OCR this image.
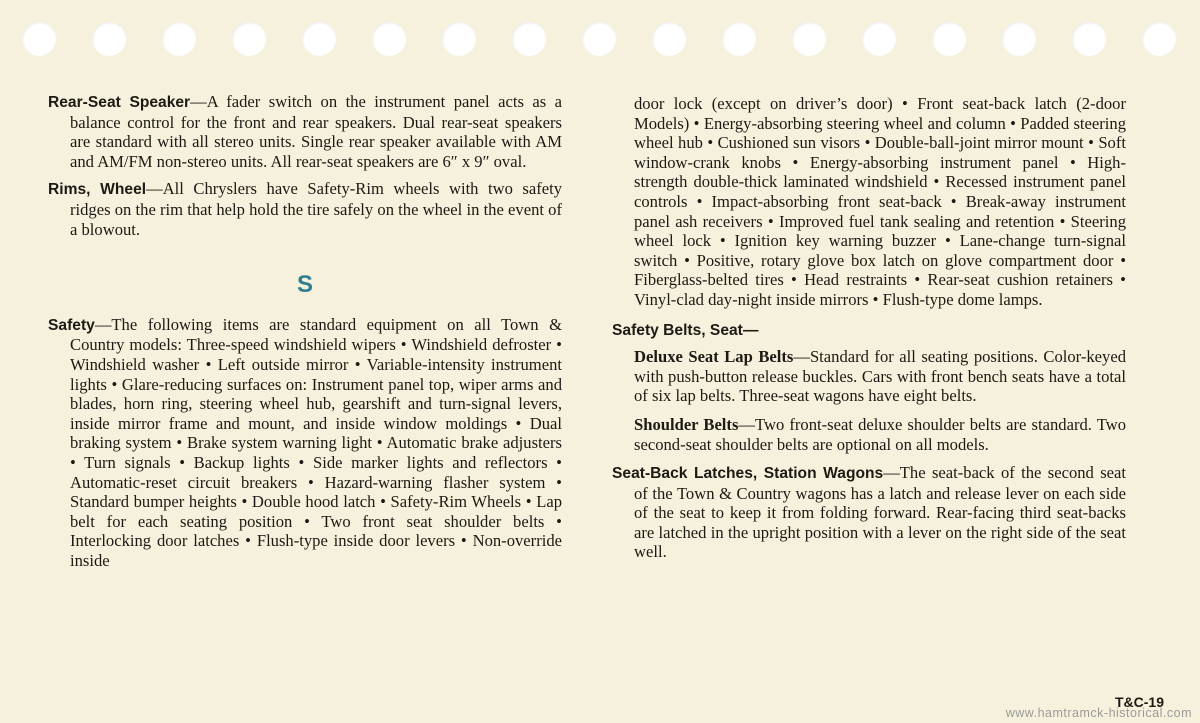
Rear-Seat Speaker—A fader switch on the instrument panel acts as a balance control for the front and rear speakers. Dual rear-seat speakers are standard with all stereo units. Single rear speaker available with AM and AM/FM non-stereo units. All rear-seat speakers are 6″ x 9″ oval.

Rims, Wheel—All Chryslers have Safety-Rim wheels with two safety ridges on the rim that help hold the tire safely on the wheel in the event of a blowout.

S

Safety—The following items are standard equipment on all Town & Country models: Three-speed windshield wipers • Windshield defroster • Windshield washer • Left outside mirror • Variable-intensity instrument lights • Glare-reducing surfaces on: Instrument panel top, wiper arms and blades, horn ring, steering wheel hub, gearshift and turn-signal levers, inside mirror frame and mount, and inside window moldings • Dual braking system • Brake system warning light • Automatic brake adjusters • Turn signals • Backup lights • Side marker lights and reflectors • Automatic-reset circuit breakers • Hazard-warning flasher system • Standard bumper heights • Double hood latch • Safety-Rim Wheels • Lap belt for each seating position • Two front seat shoulder belts • Interlocking door latches • Flush-type inside door levers • Non-override inside

door lock (except on driver’s door) • Front seat-back latch (2-door Models) • Energy-absorbing steering wheel and column • Padded steering wheel hub • Cushioned sun visors • Double-ball-joint mirror mount • Soft window-crank knobs • Energy-absorbing instrument panel • High-strength double-thick laminated windshield • Recessed instrument panel controls • Impact-absorbing front seat-back • Break-away instrument panel ash receivers • Improved fuel tank sealing and retention • Steering wheel lock • Ignition key warning buzzer • Lane-change turn-signal switch • Positive, rotary glove box latch on glove compartment door • Fiberglass-belted tires • Head restraints • Rear-seat cushion retainers • Vinyl-clad day-night inside mirrors • Flush-type dome lamps.

Safety Belts, Seat—

Deluxe Seat Lap Belts—Standard for all seating positions. Color-keyed with push-button release buckles. Cars with front bench seats have a total of six lap belts. Three-seat wagons have eight belts.

Shoulder Belts—Two front-seat deluxe shoulder belts are standard. Two second-seat shoulder belts are optional on all models.

Seat-Back Latches, Station Wagons—The seat-back of the second seat of the Town & Country wagons has a latch and release lever on each side of the seat to keep it from folding forward. Rear-facing third seat-backs are latched in the upright position with a lever on the right side of the seat well.

T&C-19
www.hamtramck-historical.com
